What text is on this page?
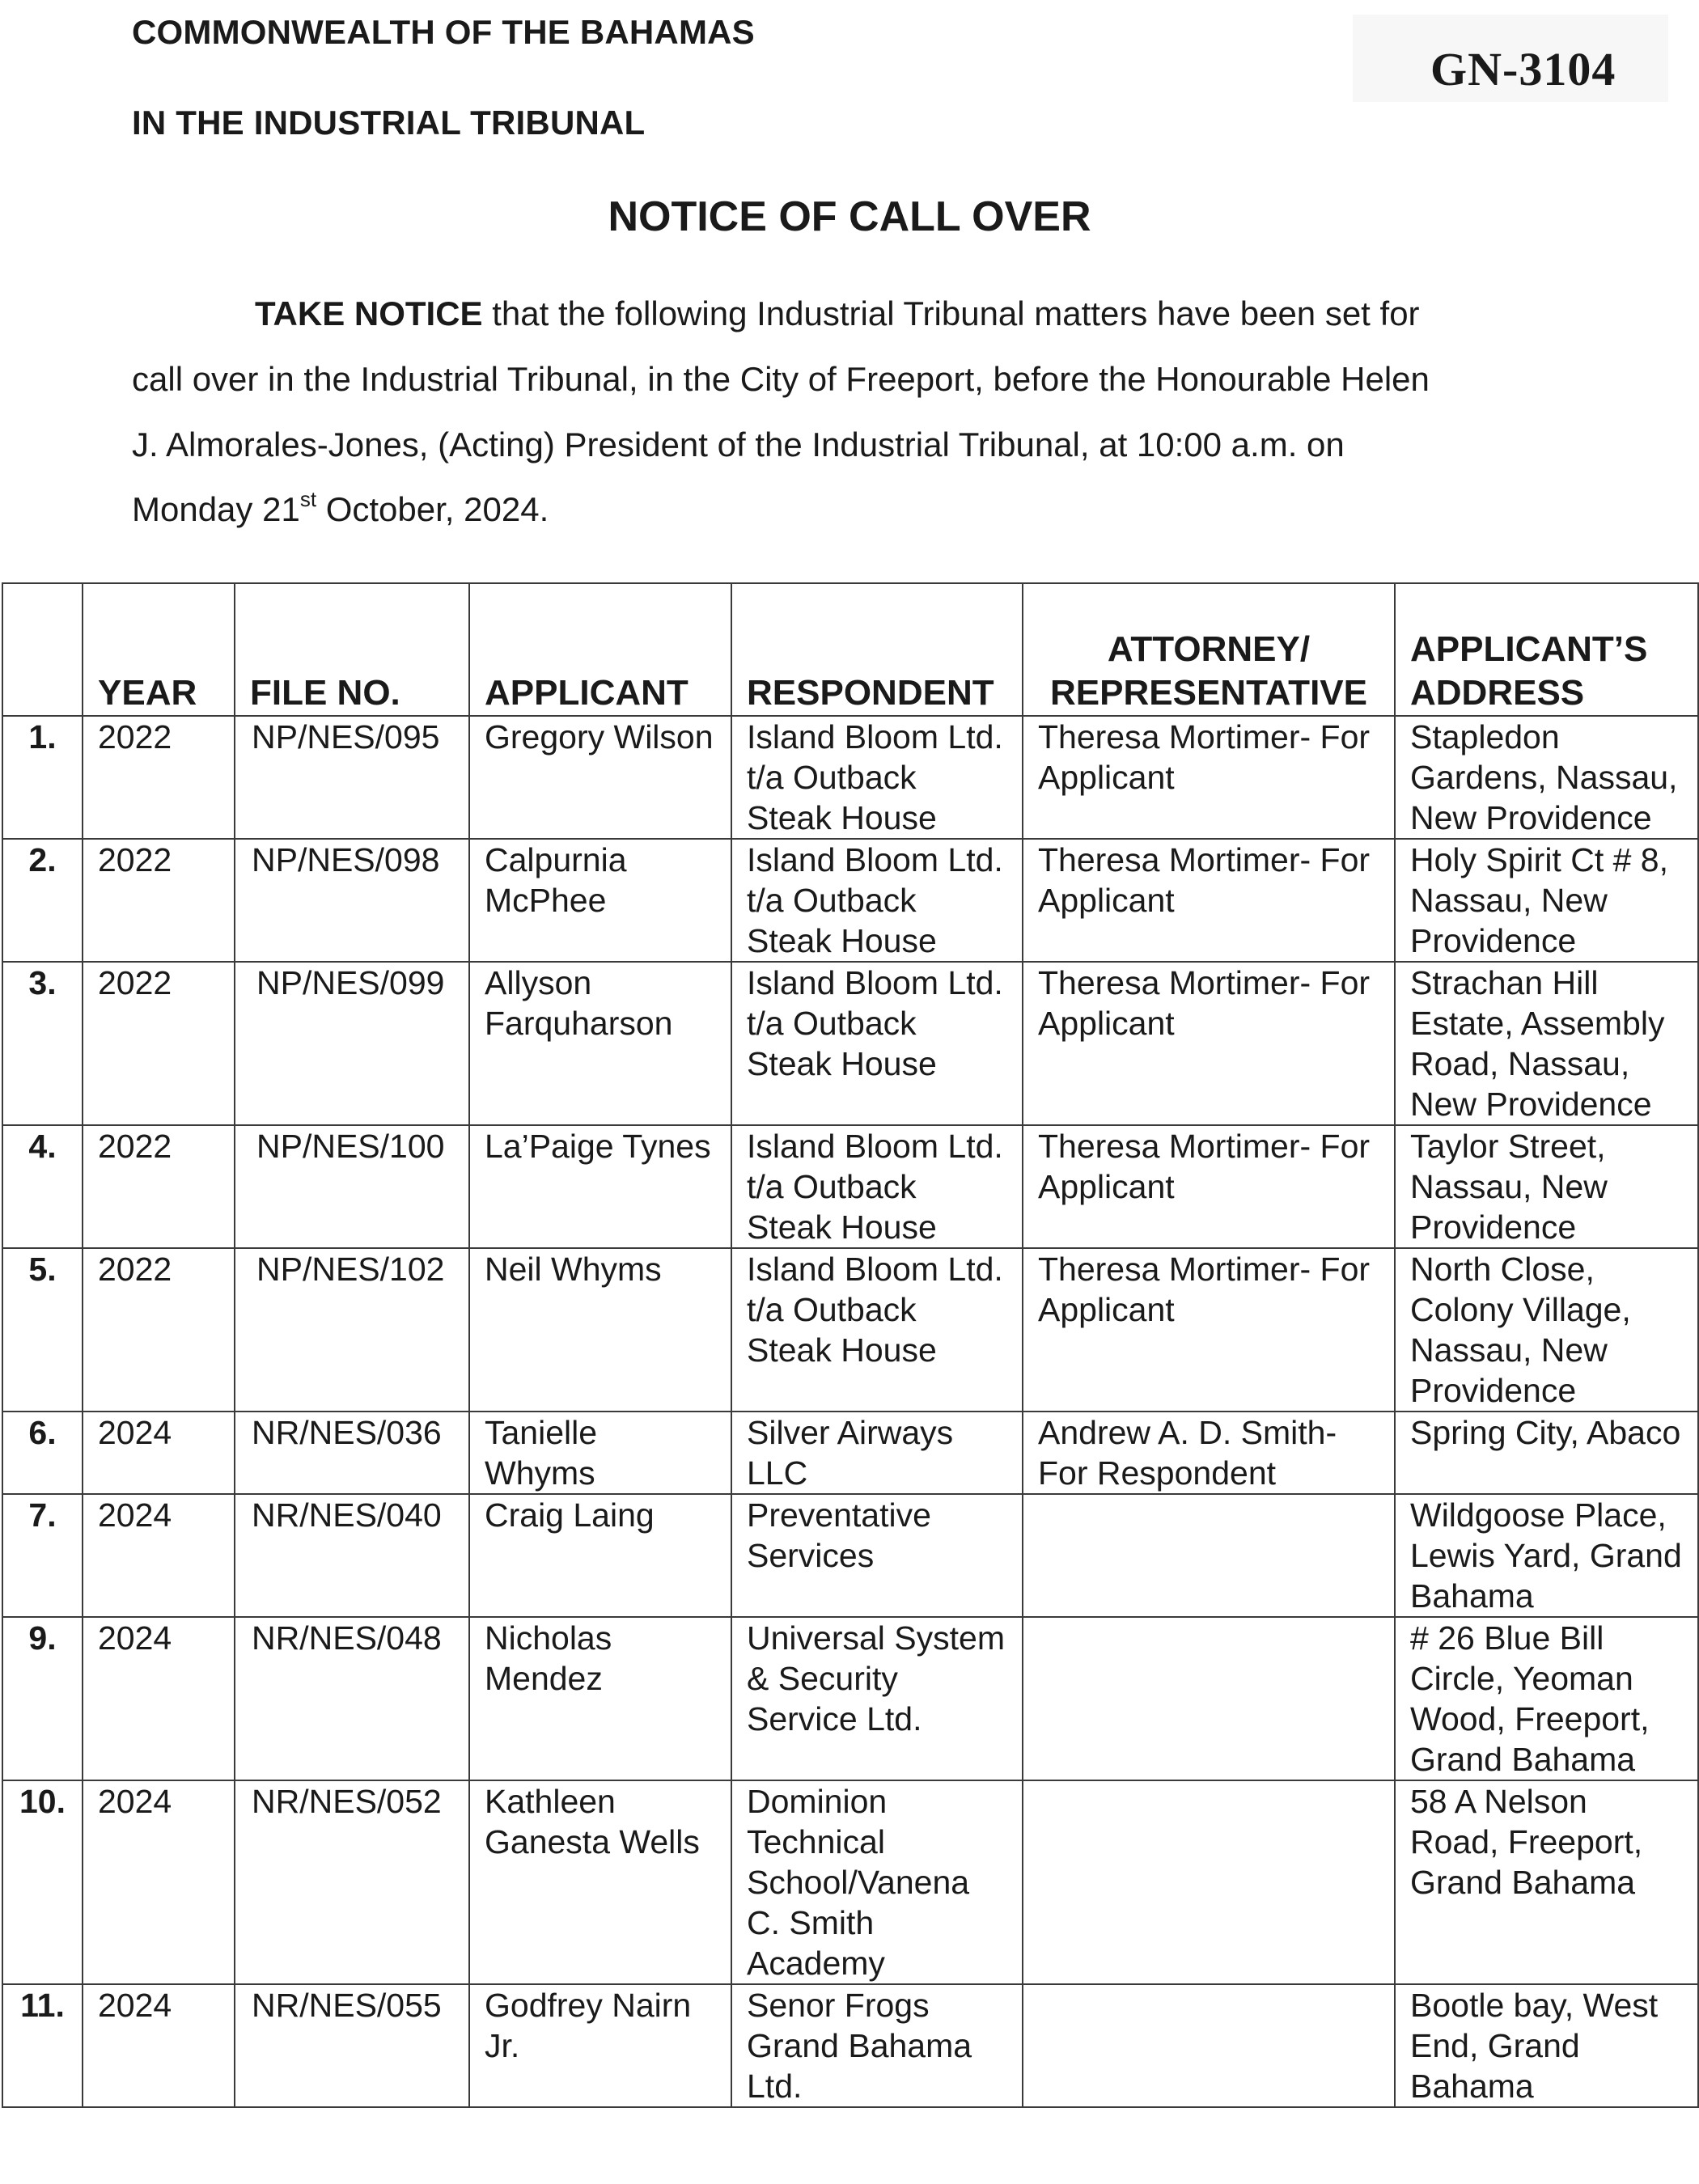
COMMONWEALTH OF THE BAHAMAS
IN THE INDUSTRIAL TRIBUNAL
GN-3104
NOTICE OF CALL OVER
TAKE NOTICE that the following Industrial Tribunal matters have been set for
call over in the Industrial Tribunal, in the City of Freeport, before the Honourable Helen
J. Almorales-Jones, (Acting) President of the Industrial Tribunal, at 10:00 a.m. on
Monday 21st October, 2024.
	YEAR	FILE NO.	APPLICANT	RESPONDENT	ATTORNEY/ REPRESENTATIVE	APPLICANT’S ADDRESS
1.	2022	NP/NES/095	Gregory Wilson	Island Bloom Ltd. t/a Outback Steak House	Theresa Mortimer- For Applicant	Stapledon Gardens, Nassau, New Providence
2.	2022	NP/NES/098	Calpurnia McPhee	Island Bloom Ltd. t/a Outback Steak House	Theresa Mortimer- For Applicant	Holy Spirit Ct # 8, Nassau, New Providence
3.	2022	NP/NES/099	Allyson Farquharson	Island Bloom Ltd. t/a Outback Steak House	Theresa Mortimer- For Applicant	Strachan Hill Estate, Assembly Road, Nassau, New Providence
4.	2022	NP/NES/100	La’Paige Tynes	Island Bloom Ltd. t/a Outback Steak House	Theresa Mortimer- For Applicant	Taylor Street, Nassau, New Providence
5.	2022	NP/NES/102	Neil Whyms	Island Bloom Ltd. t/a Outback Steak House	Theresa Mortimer- For Applicant	North Close, Colony Village, Nassau, New Providence
6.	2024	NR/NES/036	Tanielle Whyms	Silver Airways LLC	Andrew A. D. Smith- For Respondent	Spring City, Abaco
7.	2024	NR/NES/040	Craig Laing	Preventative Services		Wildgoose Place, Lewis Yard, Grand Bahama
9.	2024	NR/NES/048	Nicholas Mendez	Universal System & Security Service Ltd.		# 26 Blue Bill Circle, Yeoman Wood, Freeport, Grand Bahama
10.	2024	NR/NES/052	Kathleen Ganesta Wells	Dominion Technical School/Vanena C. Smith Academy		58 A Nelson Road, Freeport, Grand Bahama
11.	2024	NR/NES/055	Godfrey Nairn Jr.	Senor Frogs Grand Bahama Ltd.		Bootle bay, West End, Grand Bahama
